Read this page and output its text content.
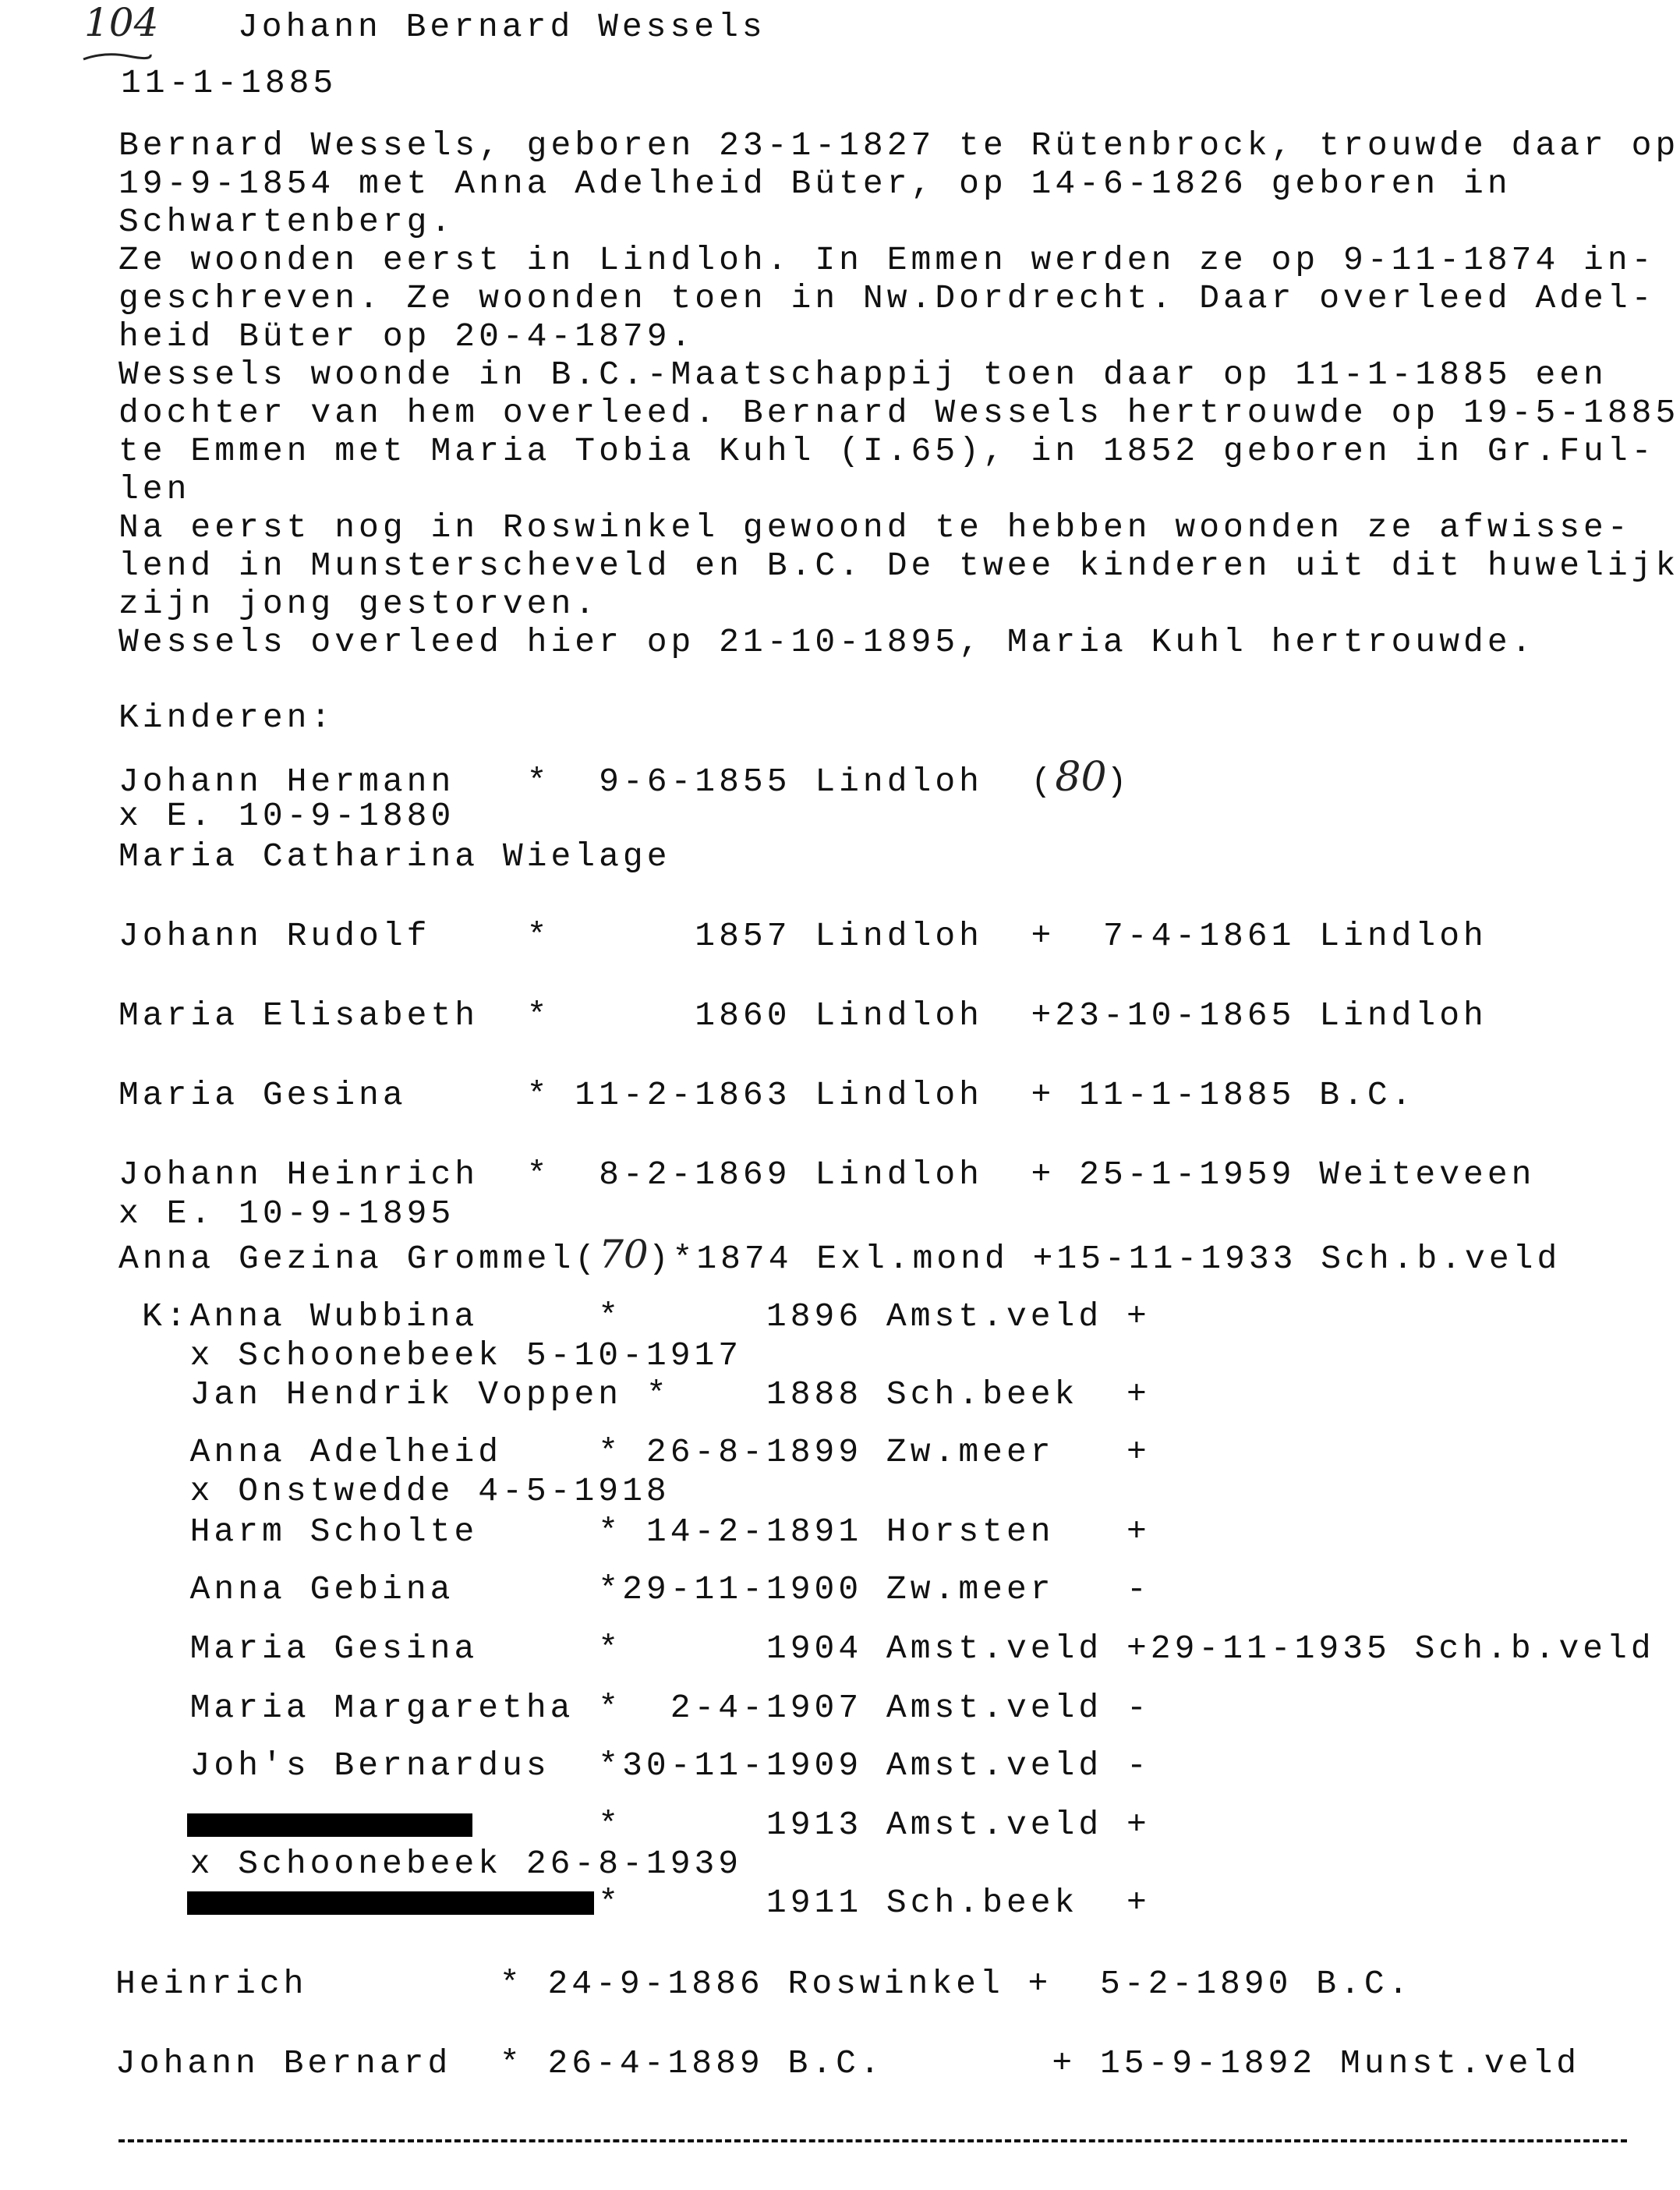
104 Johann Bernard Wessels
11-1-1885
Bernard Wessels, geboren 23-1-1827 te Rütenbrock, trouwde daar op
19-9-1854 met Anna Adelheid Büter, op 14-6-1826 geboren in
Schwartenberg.
Ze woonden eerst in Lindloh. In Emmen werden ze op 9-11-1874 in-
geschreven. Ze woonden toen in Nw.Dordrecht. Daar overleed Adel-
heid Büter op 20-4-1879.
Wessels woonde in B.C.-Maatschappij toen daar op 11-1-1885 een
dochter van hem overleed. Bernard Wessels hertrouwde op 19-5-1885
te Emmen met Maria Tobia Kuhl (I.65), in 1852 geboren in Gr.Ful-
len
Na eerst nog in Roswinkel gewoond te hebben woonden ze afwisse-
lend in Munsterscheveld en B.C. De twee kinderen uit dit huwelijk
zijn jong gestorven.
Wessels overleed hier op 21-10-1895, Maria Kuhl hertrouwde.
Kinderen:
Johann Hermann   *  9-6-1855 Lindloh  (80)
x E. 10-9-1880
Maria Catharina Wielage
Johann Rudolf    *      1857 Lindloh  +  7-4-1861 Lindloh
Maria Elisabeth  *      1860 Lindloh  +23-10-1865 Lindloh
Maria Gesina     * 11-2-1863 Lindloh  + 11-1-1885 B.C.
Johann Heinrich  *  8-2-1869 Lindloh  + 25-1-1959 Weiteveen
x E. 10-9-1895
Anna Gezina Grommel(70)*1874 Exl.mond +15-11-1933 Sch.b.veld
K:Anna Wubbina     *      1896 Amst.veld +
x Schoonebeek 5-10-1917
Jan Hendrik Voppen *    1888 Sch.beek  +
Anna Adelheid    * 26-8-1899 Zw.meer   +
x Onstwedde 4-5-1918
Harm Scholte     * 14-2-1891 Horsten   +
Anna Gebina      *29-11-1900 Zw.meer   -
Maria Gesina     *      1904 Amst.veld +29-11-1935 Sch.b.veld
Maria Margaretha *  2-4-1907 Amst.veld -
Joh's Bernardus  *30-11-1909 Amst.veld -
*      1913 Amst.veld +
x Schoonebeek 26-8-1939
*      1911 Sch.beek  +
Heinrich        * 24-9-1886 Roswinkel +  5-2-1890 B.C.
Johann Bernard  * 26-4-1889 B.C.       + 15-9-1892 Munst.veld
